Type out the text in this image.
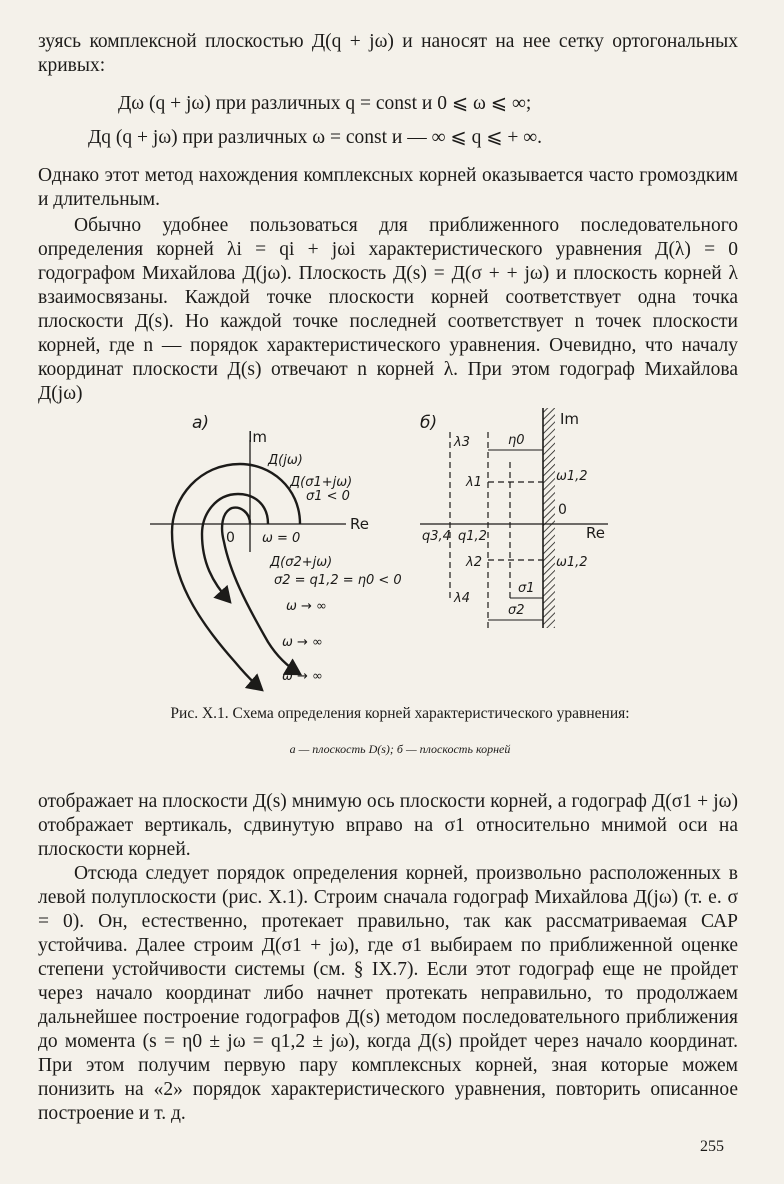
зуясь комплексной плоскостью Д(q + jω) и наносят на нее сетку ортогональных кривых:
Дω (q + jω) при различных q = const и 0 ⩽ ω ⩽ ∞;
Дq (q + jω) при различных ω = const и — ∞ ⩽ q ⩽ + ∞.
Однако этот метод нахождения комплексных корней оказывается часто громоздким и длительным.
Обычно удобнее пользоваться для приближенного последовательного определения корней λi = qi + jωi характеристического уравнения Д(λ) = 0 годографом Михайлова Д(jω). Плоскость Д(s) = Д(σ + + jω) и плоскость корней λ взаимосвязаны. Каждой точке плоскости корней соответствует одна точка плоскости Д(s). Но каждой точке последней соответствует n точек плоскости корней, где n — порядок характеристического уравнения. Очевидно, что началу координат плоскости Д(s) отвечают n корней λ. При этом годограф Михайлова Д(jω)
а)
Im
Re
0 ω = 0
Д(jω)
Д(σ1+jω)
σ1 < 0
Д(σ2+jω)
σ2 = q1,2 = η0 < 0
ω → ∞
ω → ∞
ω → ∞
б)	Im
Re
0
η0
σ1
σ2
λ3
λ1
λ2
λ4
ω1,2
ω1,2
q3,4 q1,2
Рис. X.1. Схема определения корней характеристического уравнения:
а — плоскость D(s); б — плоскость корней
отображает на плоскости Д(s) мнимую ось плоскости корней, а годограф Д(σ1 + jω) отображает вертикаль, сдвинутую вправо на σ1 относительно мнимой оси на плоскости корней.
Отсюда следует порядок определения корней, произвольно расположенных в левой полуплоскости (рис. X.1). Строим сначала годограф Михайлова Д(jω) (т. е. σ = 0). Он, естественно, протекает правильно, так как рассматриваемая САР устойчива. Далее строим Д(σ1 + jω), где σ1 выбираем по приближенной оценке степени устойчивости системы (см. § IX.7). Если этот годограф еще не пройдет через начало координат либо начнет протекать неправильно, то продолжаем дальнейшее построение годографов Д(s) методом последовательного приближения до момента (s = η0 ± jω = q1,2 ± jω), когда Д(s) пройдет через начало координат. При этом получим первую пару комплексных корней, зная которые можем понизить на «2» порядок характеристического уравнения, повторить описанное построение и т. д.
255
